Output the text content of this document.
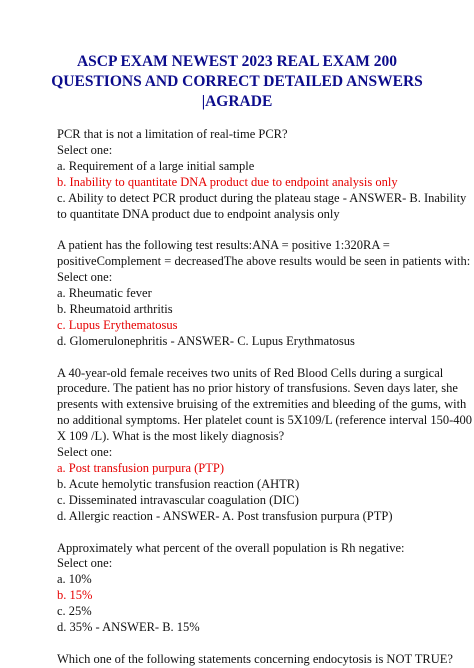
ASCP EXAM NEWEST 2023 REAL EXAM 200
QUESTIONS AND CORRECT DETAILED ANSWERS
|AGRADE
PCR that is not a limitation of real-time PCR?
Select one:
a. Requirement of a large initial sample
b. Inability to quantitate DNA product due to endpoint analysis only
c. Ability to detect PCR product during the plateau stage - ANSWER- B. Inability
to quantitate DNA product due to endpoint analysis only
A patient has the following test results:ANA = positive 1:320RA =
positiveComplement = decreasedThe above results would be seen in patients with:
Select one:
a. Rheumatic fever
b. Rheumatoid arthritis
c. Lupus Erythematosus
d. Glomerulonephritis - ANSWER- C. Lupus Erythmatosus
A 40-year-old female receives two units of Red Blood Cells during a surgical
procedure. The patient has no prior history of transfusions. Seven days later, she
presents with extensive bruising of the extremities and bleeding of the gums, with
no additional symptoms. Her platelet count is 5X109/L (reference interval 150-400
X 109 /L). What is the most likely diagnosis?
Select one:
a. Post transfusion purpura (PTP)
b. Acute hemolytic transfusion reaction (AHTR)
c. Disseminated intravascular coagulation (DIC)
d. Allergic reaction - ANSWER- A. Post transfusion purpura (PTP)
Approximately what percent of the overall population is Rh negative:
Select one:
a. 10%
b. 15%
c. 25%
d. 35% - ANSWER- B. 15%
Which one of the following statements concerning endocytosis is NOT TRUE?
